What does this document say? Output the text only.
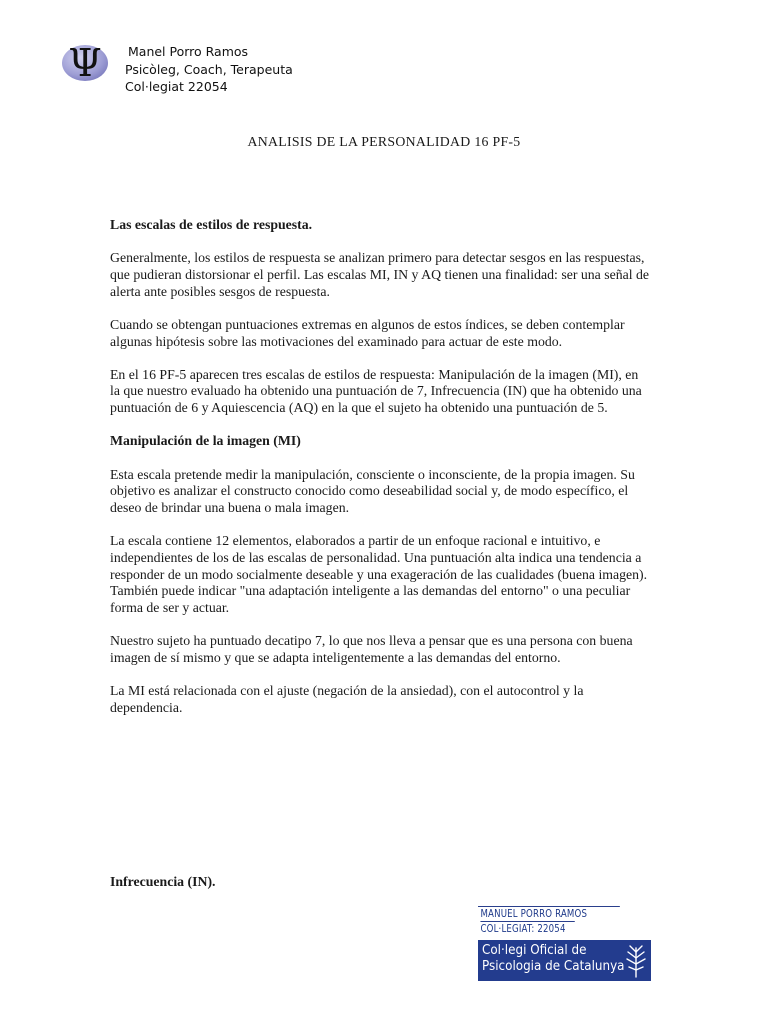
Ψ Manel Porro Ramos
Psicòleg, Coach, Terapeuta
Col·legiat 22054
ANALISIS DE LA PERSONALIDAD 16 PF-5
Las escalas de estilos de respuesta.

Generalmente, los estilos de respuesta se analizan primero para detectar sesgos en las respuestas, que pudieran distorsionar el perfil. Las escalas MI, IN y AQ tienen una finalidad: ser una señal de alerta ante posibles sesgos de respuesta.

Cuando se obtengan puntuaciones extremas en algunos de estos índices, se deben contemplar algunas hipótesis sobre las motivaciones del examinado para actuar de este modo.

En el 16 PF-5 aparecen tres escalas de estilos de respuesta: Manipulación de la imagen (MI), en la que nuestro evaluado ha obtenido una puntuación de 7, Infrecuencia (IN) que ha obtenido una puntuación de 6 y Aquiescencia (AQ) en la que el sujeto ha obtenido una puntuación de 5.

Manipulación de la imagen (MI)

Esta escala pretende medir la manipulación, consciente o inconsciente, de la propia imagen. Su objetivo es analizar el constructo conocido como deseabilidad social y, de modo específico, el deseo de brindar una buena o mala imagen.

La escala contiene 12 elementos, elaborados a partir de un enfoque racional e intuitivo, e independientes de los de las escalas de personalidad. Una puntuación alta indica una tendencia a responder de un modo socialmente deseable y una exageración de las cualidades (buena imagen). También puede indicar "una adaptación inteligente a las demandas del entorno" o una peculiar forma de ser y actuar.

Nuestro sujeto ha puntuado decatipo 7, lo que nos lleva a pensar que es una persona con buena imagen de sí mismo y que se adapta inteligentemente a las demandas del entorno.

La MI está relacionada con el ajuste (negación de la ansiedad), con el autocontrol y la dependencia.

Infrecuencia (IN).
MANUEL PORRO RAMOS
COL·LEGIAT: 22054
Col·legi Oficial de
Psicologia de Catalunya
